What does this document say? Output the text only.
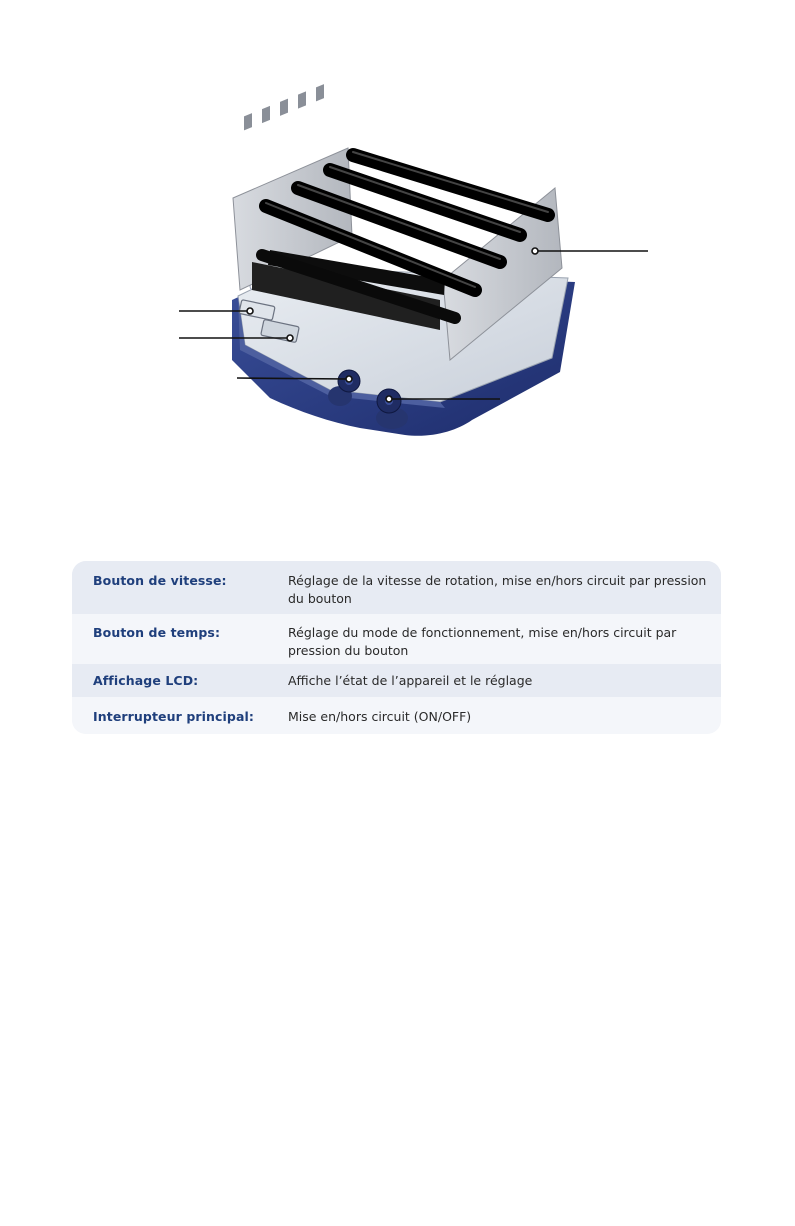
Bouton de vitesse:	Réglage de la vitesse de rotation, mise en/hors circuit par pression du bouton
Bouton de temps:	Réglage du mode de fonctionnement, mise en/hors circuit par pression du bouton
Affichage LCD:	Affiche l’état de l’appareil et le réglage
Interrupteur principal:	Mise en/hors circuit (ON/OFF)
